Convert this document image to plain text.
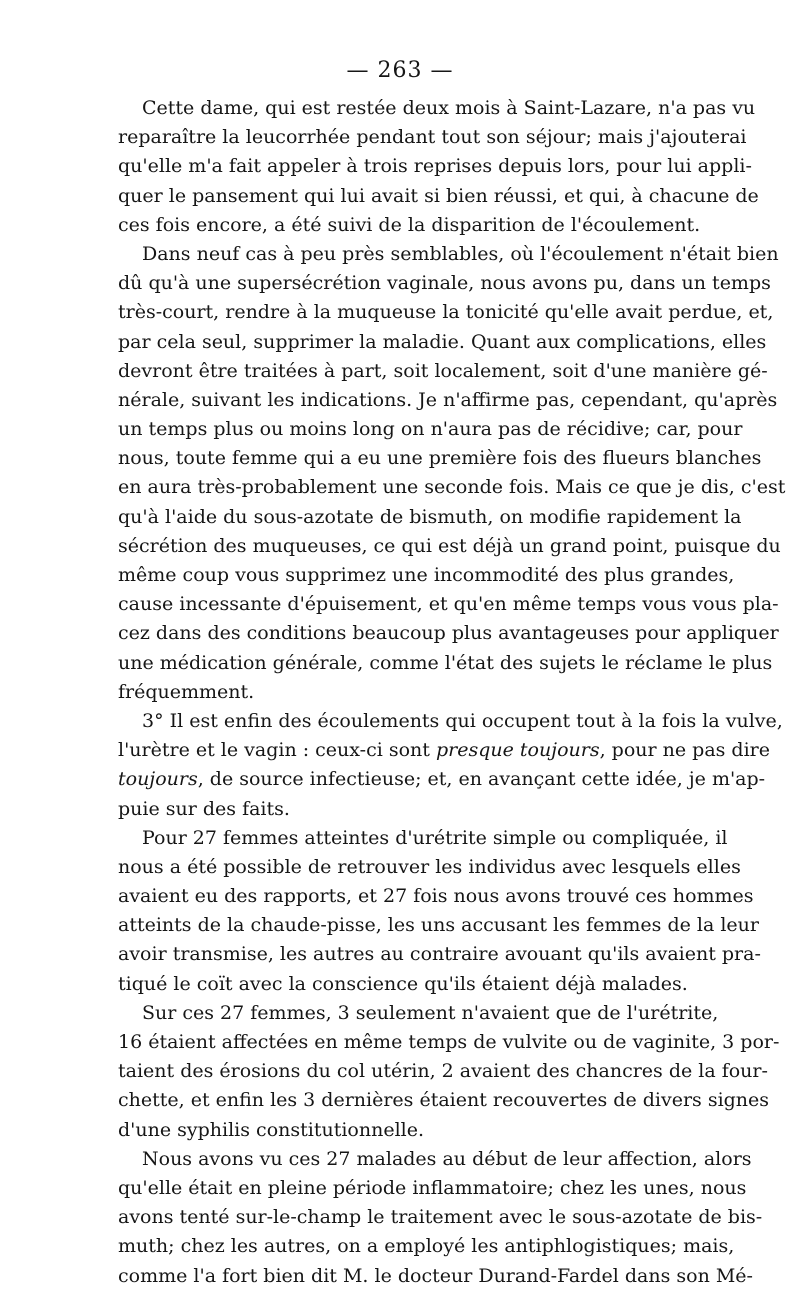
— 263 —
Cette dame, qui est restée deux mois à Saint-Lazare, n'a pas vu
reparaître la leucorrhée pendant tout son séjour; mais j'ajouterai
qu'elle m'a fait appeler à trois reprises depuis lors, pour lui appli-
quer le pansement qui lui avait si bien réussi, et qui, à chacune de
ces fois encore, a été suivi de la disparition de l'écoulement.
Dans neuf cas à peu près semblables, où l'écoulement n'était bien
dû qu'à une supersécrétion vaginale, nous avons pu, dans un temps
très-court, rendre à la muqueuse la tonicité qu'elle avait perdue, et,
par cela seul, supprimer la maladie. Quant aux complications, elles
devront être traitées à part, soit localement, soit d'une manière gé-
nérale, suivant les indications. Je n'affirme pas, cependant, qu'après
un temps plus ou moins long on n'aura pas de récidive; car, pour
nous, toute femme qui a eu une première fois des flueurs blanches
en aura très-probablement une seconde fois. Mais ce que je dis, c'est
qu'à l'aide du sous-azotate de bismuth, on modifie rapidement la
sécrétion des muqueuses, ce qui est déjà un grand point, puisque du
même coup vous supprimez une incommodité des plus grandes,
cause incessante d'épuisement, et qu'en même temps vous vous pla-
cez dans des conditions beaucoup plus avantageuses pour appliquer
une médication générale, comme l'état des sujets le réclame le plus
fréquemment.
3° Il est enfin des écoulements qui occupent tout à la fois la vulve,
l'urètre et le vagin : ceux-ci sont presque toujours, pour ne pas dire
toujours, de source infectieuse; et, en avançant cette idée, je m'ap-
puie sur des faits.
Pour 27 femmes atteintes d'urétrite simple ou compliquée, il
nous a été possible de retrouver les individus avec lesquels elles
avaient eu des rapports, et 27 fois nous avons trouvé ces hommes
atteints de la chaude-pisse, les uns accusant les femmes de la leur
avoir transmise, les autres au contraire avouant qu'ils avaient pra-
tiqué le coït avec la conscience qu'ils étaient déjà malades.
Sur ces 27 femmes, 3 seulement n'avaient que de l'urétrite,
16 étaient affectées en même temps de vulvite ou de vaginite, 3 por-
taient des érosions du col utérin, 2 avaient des chancres de la four-
chette, et enfin les 3 dernières étaient recouvertes de divers signes
d'une syphilis constitutionnelle.
Nous avons vu ces 27 malades au début de leur affection, alors
qu'elle était en pleine période inflammatoire; chez les unes, nous
avons tenté sur-le-champ le traitement avec le sous-azotate de bis-
muth; chez les autres, on a employé les antiphlogistiques; mais,
comme l'a fort bien dit M. le docteur Durand-Fardel dans son Mé-
